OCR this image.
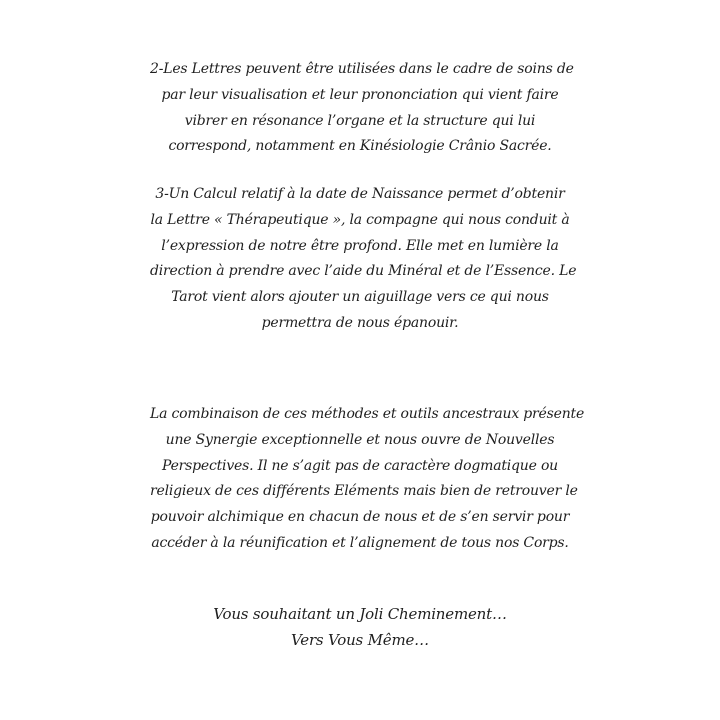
2-Les Lettres peuvent être utilisées dans le cadre de soins de
par leur visualisation et leur prononciation qui vient faire
vibrer en résonance l’organe et la structure qui lui
correspond, notamment en Kinésiologie Crânio Sacrée.
3-Un Calcul relatif à la date de Naissance permet d’obtenir
la Lettre « Thérapeutique », la compagne qui nous conduit à
l’expression de notre être profond. Elle met en lumière la
direction à prendre avec l’aide du Minéral et de l’Essence. Le
Tarot vient alors ajouter un aiguillage vers ce qui nous
permettra de nous épanouir.
La combinaison de ces méthodes et outils ancestraux présente
une Synergie exceptionnelle et nous ouvre de Nouvelles
Perspectives. Il ne s’agit pas de caractère dogmatique ou
religieux de ces différents Eléments mais bien de retrouver le
pouvoir alchimique en chacun de nous et de s’en servir pour
accéder à la réunification et l’alignement de tous nos Corps.
Vous souhaitant un Joli Cheminement…
Vers Vous Même…
